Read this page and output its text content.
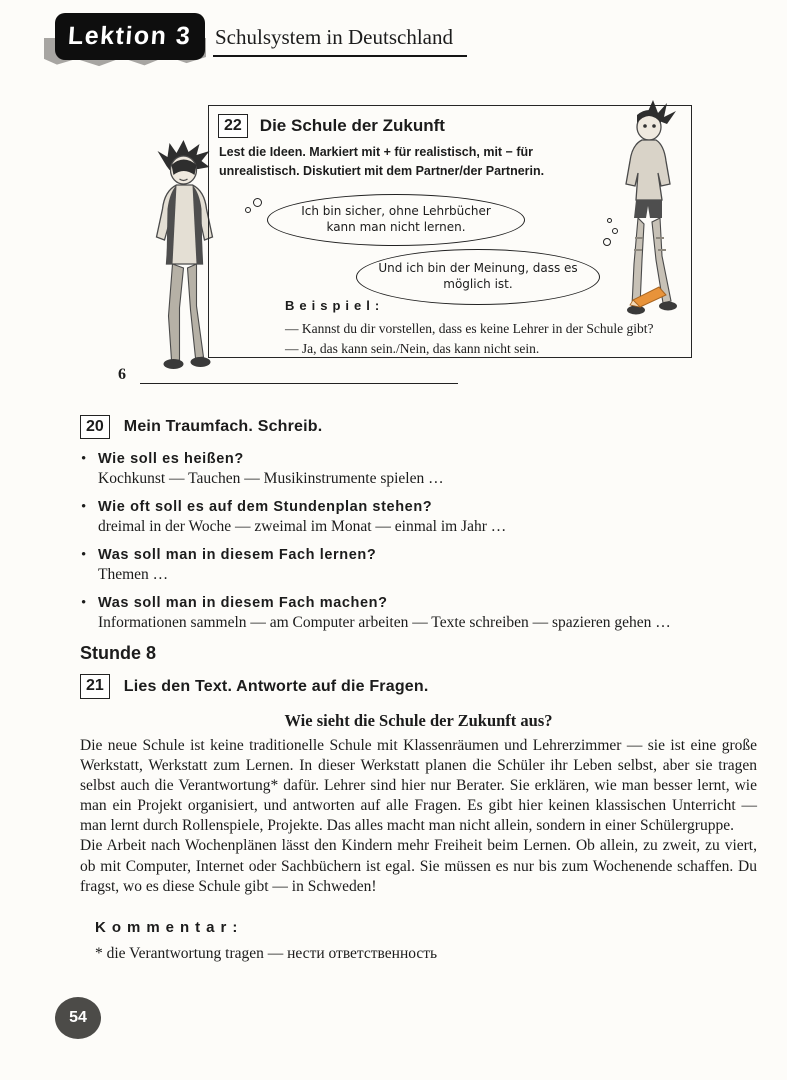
Lektion 3 Schulsystem in Deutschland
22	Die Schule der Zukunft

Lest die Ideen. Markiert mit + für realistisch, mit − für unrealistisch. Diskutiert mit dem Partner/der Partnerin.

Ich bin sicher, ohne Lehrbücher kann man nicht lernen.
Und ich bin der Meinung, dass es möglich ist.
Beispiel:
— Kannst du dir vorstellen, dass es keine Lehrer in der Schule gibt?
— Ja, das kann sein./Nein, das kann nicht sein.
6
20	Mein Traumfach. Schreib.
• Wie soll es heißen?
Kochkunst — Tauchen — Musikinstrumente spielen …
• Wie oft soll es auf dem Stundenplan stehen?
dreimal in der Woche — zweimal im Monat — einmal im Jahr …
• Was soll man in diesem Fach lernen?
Themen …
• Was soll man in diesem Fach machen?
Informationen sammeln — am Computer arbeiten — Texte schreiben — spazieren gehen …
Stunde 8
21	Lies den Text. Antworte auf die Fragen.
Wie sieht die Schule der Zukunft aus?

Die neue Schule ist keine traditionelle Schule mit Klassenräumen und Lehrerzimmer — sie ist eine große Werkstatt, Werkstatt zum Lernen. In dieser Werkstatt planen die Schüler ihr Leben selbst, aber sie tragen selbst auch die Verantwortung* dafür. Lehrer sind hier nur Berater. Sie erklären, wie man besser lernt, wie man ein Projekt organisiert, und antworten auf alle Fragen. Es gibt hier keinen klassischen Unterricht — man lernt durch Rollenspiele, Projekte. Das alles macht man nicht allein, sondern in einer Schülergruppe.

Die Arbeit nach Wochenplänen lässt den Kindern mehr Freiheit beim Lernen. Ob allein, zu zweit, zu viert, ob mit Computer, Internet oder Sachbüchern ist egal. Sie müssen es nur bis zum Wochenende schaffen. Du fragst, wo es diese Schule gibt — in Schweden!

Kommentar:
* die Verantwortung tragen — нести ответственность
54
